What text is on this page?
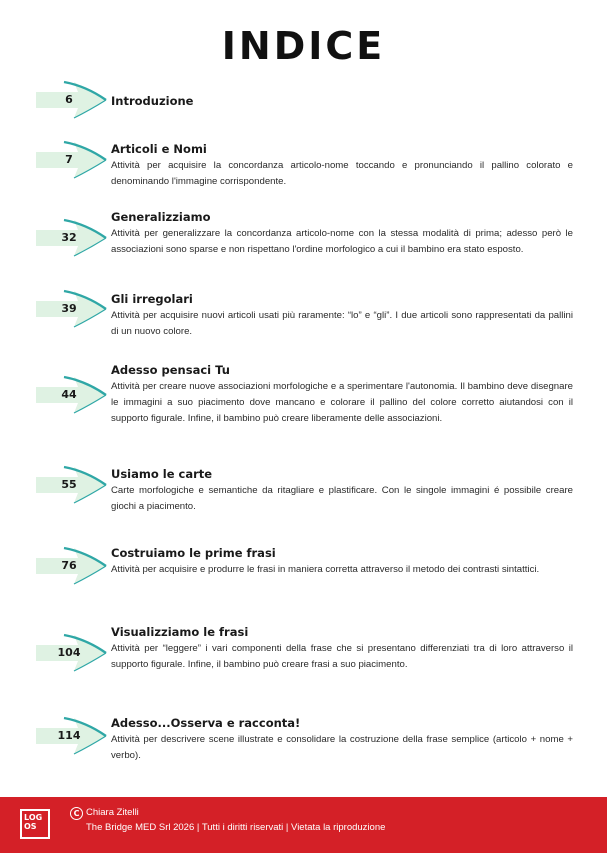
INDICE
6	Introduzione
7
Articoli e Nomi
Attività per acquisire la concordanza articolo-nome toccando e pronunciando il pallino colorato e denominando l'immagine corrispondente.
32
Generalizziamo
Attività per generalizzare la concordanza articolo-nome con la stessa modalità di prima; adesso però le associazioni sono sparse e non rispettano l'ordine morfologico a cui il bambino era stato esposto.
39
Gli irregolari
Attività per acquisire nuovi articoli usati più raramente: “lo” e “gli”. I due articoli sono rappresentati da pallini di un nuovo colore.
44
Adesso pensaci Tu
Attività per creare nuove associazioni morfologiche e a sperimentare l'autonomia. Il bambino deve disegnare le immagini a suo piacimento dove mancano e colorare il pallino del colore corretto aiutandosi con il supporto figurale. Infine, il bambino può creare liberamente delle associazioni.
55
Usiamo le carte
Carte morfologiche e semantiche da ritagliare e plastificare. Con le singole immagini é possibile creare giochi a piacimento.
76
Costruiamo le prime frasi
Attività per acquisire e produrre le frasi in maniera corretta attraverso il metodo dei contrasti sintattici.
104
Visualizziamo le frasi
Attività per “leggere” i vari componenti della frase che si presentano differenziati tra di loro attraverso il supporto figurale. Infine, il bambino può creare frasi a suo piacimento.
114
Adesso...Osserva e racconta!
Attività per descrivere scene illustrate e consolidare la costruzione della frase semplice (articolo + nome + verbo).
LOG
OS
C Chiara Zitelli
The Bridge MED Srl 2026 | Tutti i diritti riservati | Vietata la riproduzione
